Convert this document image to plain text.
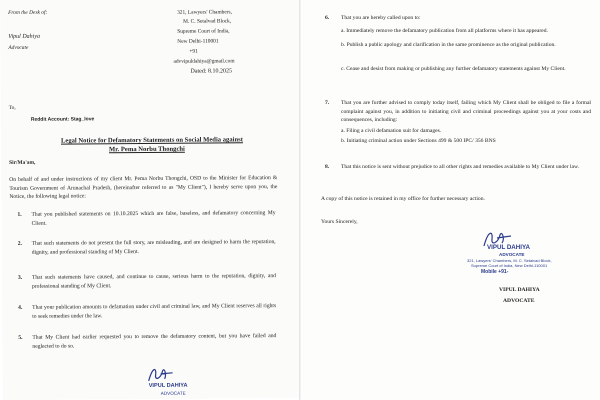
From the Desk of:
Vipul Dahiya
Advocate
321, Lawyers' Chambers,
M. C. Setalvad Block,
Supreme Court of India,
New Delhi-110001
+91
advvipuldahiya@gmail.com
Dated: 8.10.2025
To,
Reddit Account: Stag_love
Legal Notice for Defamatory Statements on Social Media against
Mr. Pema Norbu Thongchi
Sir/Ma'am,

On behalf of and under instructions of my client Mr. Pema Norbu Thongchi, OSD to the Minister for Education & Tourism Government of Arunachal Pradesh, (hereinafter referred to as "My Client"), I hereby serve upon you, the Notice, the following legal notice:

1. That you published statements on 10.10.2025 which are false, baseless, and defamatory concerning My Client.

2. That such statements do not present the full story, are misleading, and are designed to harm the reputation, dignity, and professional standing of My Client.

3. That such statements have caused, and continue to cause, serious harm to the reputation, dignity, and professional standing of My Client.

4. That your publication amounts to defamation under civil and criminal law, and My Client reserves all rights to seek remedies under the law.

5. That My Client had earlier requested you to remove the defamatory content, but you have failed and neglected to do so.

VIPUL DAHIYA
ADVOCATE
6. That you are hereby called upon to:

a. Immediately remove the defamatory publication from all platforms where it has appeared.

b. Publish a public apology and clarification in the same prominence as the original publication.

c. Cease and desist from making or publishing any further defamatory statements against My Client.

7. That you are further advised to comply today itself, failing which My Client shall be obliged to file a formal complaint against you, in addition to initiating civil and criminal proceedings against you at your costs and consequences, including:

a. Filing a civil defamation suit for damages.

b. Initiating criminal action under Sections 499 & 500 IPC/ 356 BNS

8. That this notice is sent without prejudice to all other rights and remedies available to My Client under law.

A copy of this notice is retained in my office for further necessary action.
Yours Sincerely,
VIPUL DAHIYA
ADVOCATE
321, Lawyers' Chambers, M. C. Setalvad Block,
Supreme Court of India, New Delhi-110001
Mobile +91-
VIPUL DAHIYA
ADVOCATE
